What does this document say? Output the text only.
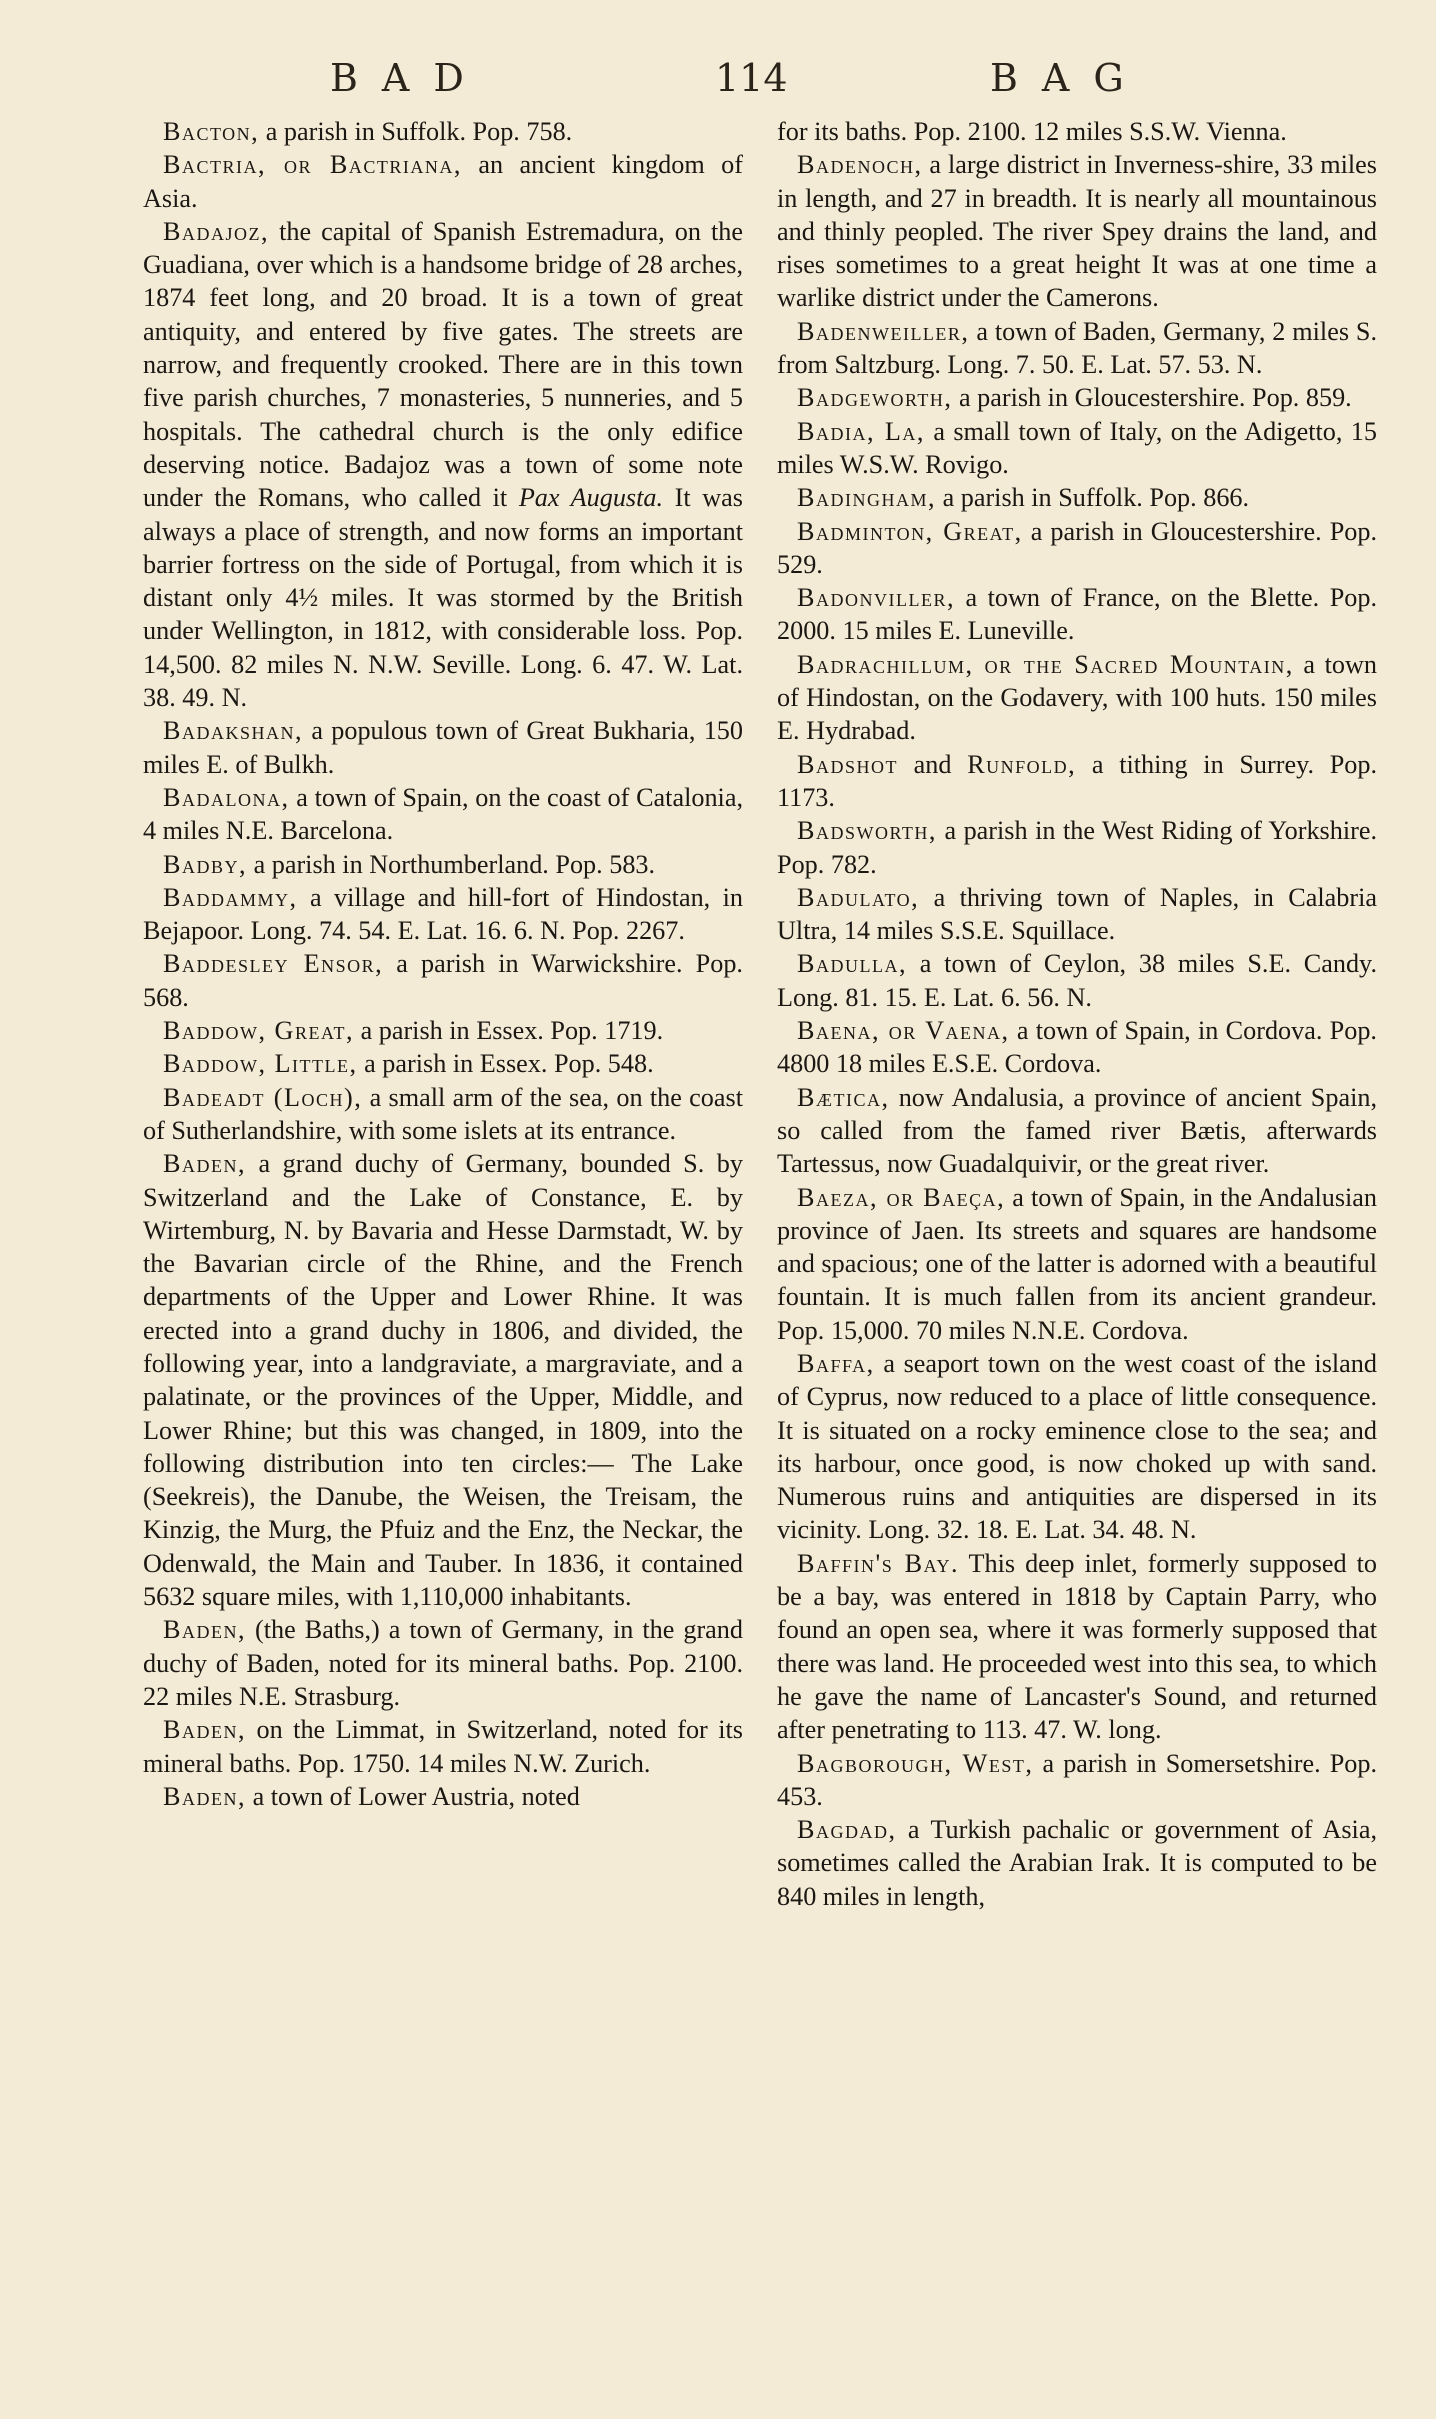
BAD	114	BAG

Bacton, a parish in Suffolk. Pop. 758.

Bactria, or Bactriana, an ancient kingdom of Asia.

Badajoz, the capital of Spanish Estremadura, on the Guadiana, over which is a handsome bridge of 28 arches, 1874 feet long, and 20 broad. It is a town of great antiquity, and entered by five gates. The streets are narrow, and frequently crooked. There are in this town five parish churches, 7 monasteries, 5 nunneries, and 5 hospitals. The cathedral church is the only edifice deserving notice. Badajoz was a town of some note under the Romans, who called it Pax Augusta. It was always a place of strength, and now forms an important barrier fortress on the side of Portugal, from which it is distant only 4½ miles. It was stormed by the British under Wellington, in 1812, with considerable loss. Pop. 14,500. 82 miles N. N.W. Seville. Long. 6. 47. W. Lat. 38. 49. N.

Badakshan, a populous town of Great Bukharia, 150 miles E. of Bulkh.

Badalona, a town of Spain, on the coast of Catalonia, 4 miles N.E. Barcelona.

Badby, a parish in Northumberland. Pop. 583.

Baddammy, a village and hill-fort of Hindostan, in Bejapoor. Long. 74. 54. E. Lat. 16. 6. N. Pop. 2267.

Baddesley Ensor, a parish in Warwickshire. Pop. 568.

Baddow, Great, a parish in Essex. Pop. 1719.

Baddow, Little, a parish in Essex. Pop. 548.

Badeadt (Loch), a small arm of the sea, on the coast of Sutherlandshire, with some islets at its entrance.

Baden, a grand duchy of Germany, bounded S. by Switzerland and the Lake of Constance, E. by Wirtemburg, N. by Bavaria and Hesse Darmstadt, W. by the Bavarian circle of the Rhine, and the French departments of the Upper and Lower Rhine. It was erected into a grand duchy in 1806, and divided, the following year, into a landgraviate, a margraviate, and a palatinate, or the provinces of the Upper, Middle, and Lower Rhine; but this was changed, in 1809, into the following distribution into ten circles:— The Lake (Seekreis), the Danube, the Weisen, the Treisam, the Kinzig, the Murg, the Pfuiz and the Enz, the Neckar, the Odenwald, the Main and Tauber. In 1836, it contained 5632 square miles, with 1,110,000 inhabitants.

Baden, (the Baths,) a town of Germany, in the grand duchy of Baden, noted for its mineral baths. Pop. 2100. 22 miles N.E. Strasburg.

Baden, on the Limmat, in Switzerland, noted for its mineral baths. Pop. 1750. 14 miles N.W. Zurich.

Baden, a town of Lower Austria, noted

for its baths. Pop. 2100. 12 miles S.S.W. Vienna.

Badenoch, a large district in Inverness-shire, 33 miles in length, and 27 in breadth. It is nearly all mountainous and thinly peopled. The river Spey drains the land, and rises sometimes to a great height It was at one time a warlike district under the Camerons.

Badenweiller, a town of Baden, Germany, 2 miles S. from Saltzburg. Long. 7. 50. E. Lat. 57. 53. N.

Badgeworth, a parish in Gloucestershire. Pop. 859.

Badia, La, a small town of Italy, on the Adigetto, 15 miles W.S.W. Rovigo.

Badingham, a parish in Suffolk. Pop. 866.

Badminton, Great, a parish in Gloucestershire. Pop. 529.

Badonviller, a town of France, on the Blette. Pop. 2000. 15 miles E. Luneville.

Badrachillum, or the Sacred Mountain, a town of Hindostan, on the Godavery, with 100 huts. 150 miles E. Hydrabad.

Badshot and Runfold, a tithing in Surrey. Pop. 1173.

Badsworth, a parish in the West Riding of Yorkshire. Pop. 782.

Badulato, a thriving town of Naples, in Calabria Ultra, 14 miles S.S.E. Squillace.

Badulla, a town of Ceylon, 38 miles S.E. Candy. Long. 81. 15. E. Lat. 6. 56. N.

Baena, or Vaena, a town of Spain, in Cordova. Pop. 4800 18 miles E.S.E. Cordova.

Bætica, now Andalusia, a province of ancient Spain, so called from the famed river Bætis, afterwards Tartessus, now Guadalquivir, or the great river.

Baeza, or Baeça, a town of Spain, in the Andalusian province of Jaen. Its streets and squares are handsome and spacious; one of the latter is adorned with a beautiful fountain. It is much fallen from its ancient grandeur. Pop. 15,000. 70 miles N.N.E. Cordova.

Baffa, a seaport town on the west coast of the island of Cyprus, now reduced to a place of little consequence. It is situated on a rocky eminence close to the sea; and its harbour, once good, is now choked up with sand. Numerous ruins and antiquities are dispersed in its vicinity. Long. 32. 18. E. Lat. 34. 48. N.

Baffin's Bay. This deep inlet, formerly supposed to be a bay, was entered in 1818 by Captain Parry, who found an open sea, where it was formerly supposed that there was land. He proceeded west into this sea, to which he gave the name of Lancaster's Sound, and returned after penetrating to 113. 47. W. long.

Bagborough, West, a parish in Somersetshire. Pop. 453.

Bagdad, a Turkish pachalic or government of Asia, sometimes called the Arabian Irak. It is computed to be 840 miles in length,
